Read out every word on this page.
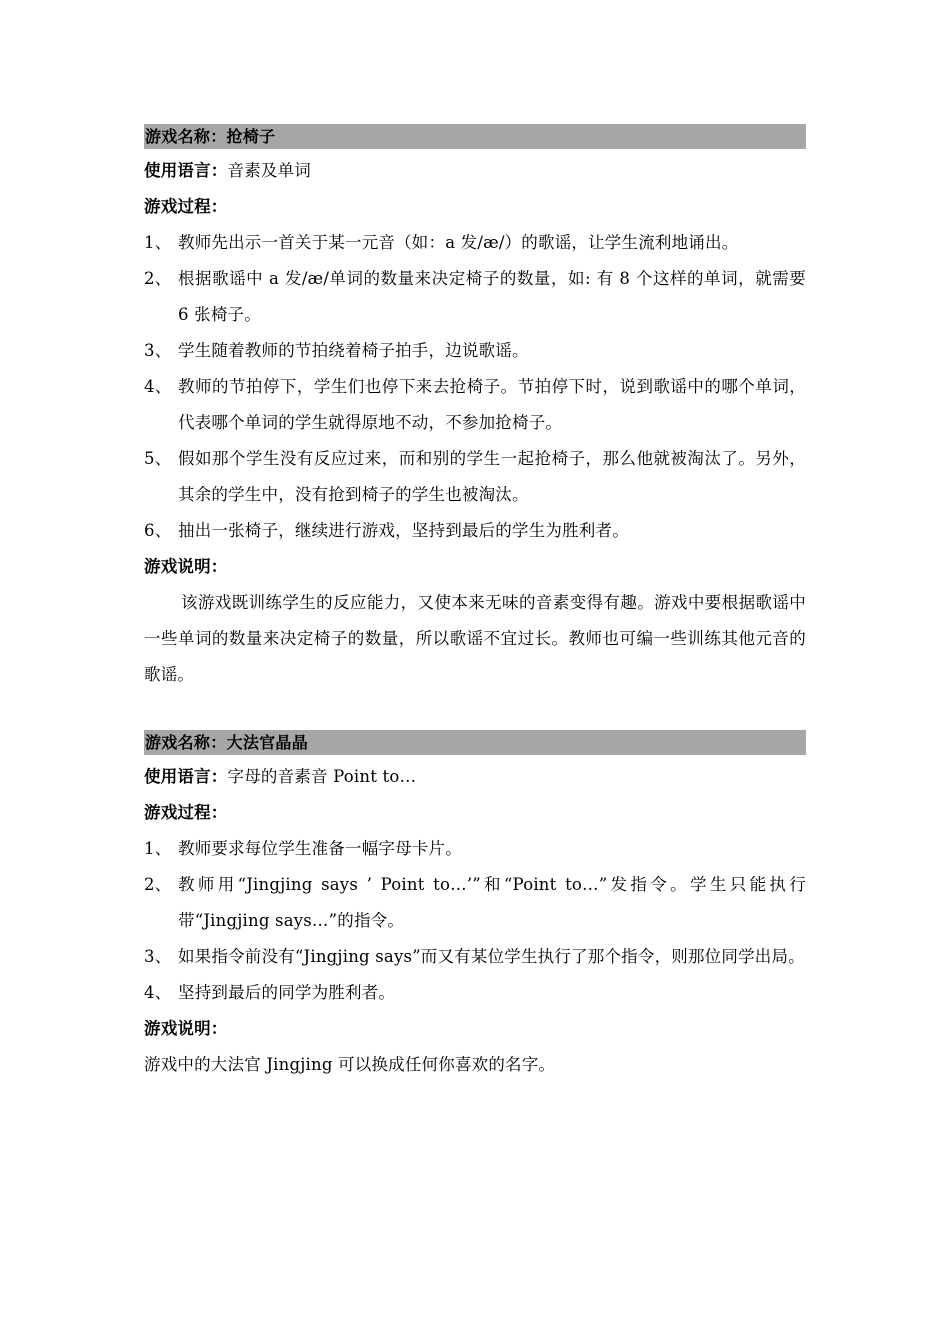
游戏名称： 抢椅子
使用语言：音素及单词
游戏过程：
1、 教师先出示一首关于某一元音（如：a 发/æ/）的歌谣，让学生流利地诵出。
2、 根据歌谣中 a 发/æ/单词的数量来决定椅子的数量，如: 有 8 个这样的单词，就需要 6 张椅子。
3、 学生随着教师的节拍绕着椅子拍手，边说歌谣。
4、 教师的节拍停下，学生们也停下来去抢椅子。节拍停下时，说到歌谣中的哪个单词，代表哪个单词的学生就得原地不动，不参加抢椅子。
5、 假如那个学生没有反应过来，而和别的学生一起抢椅子，那么他就被淘汰了。另外，其余的学生中，没有抢到椅子的学生也被淘汰。
6、 抽出一张椅子，继续进行游戏，坚持到最后的学生为胜利者。
游戏说明：
该游戏既训练学生的反应能力，又使本来无味的音素变得有趣。游戏中要根据歌谣中一些单词的数量来决定椅子的数量，所以歌谣不宜过长。教师也可编一些训练其他元音的歌谣。
游戏名称： 大法官晶晶
使用语言：字母的音素音 Point to…
游戏过程：
1、 教师要求每位学生准备一幅字母卡片。
2、 教师用“Jingjing says ’ Point to…’”和“Point to…”发指令。学生只能执行带“Jingjing says…”的指令。
3、 如果指令前没有“Jingjing says”而又有某位学生执行了那个指令，则那位同学出局。
4、 坚持到最后的同学为胜利者。
游戏说明：
游戏中的大法官 Jingjing 可以换成任何你喜欢的名字。
